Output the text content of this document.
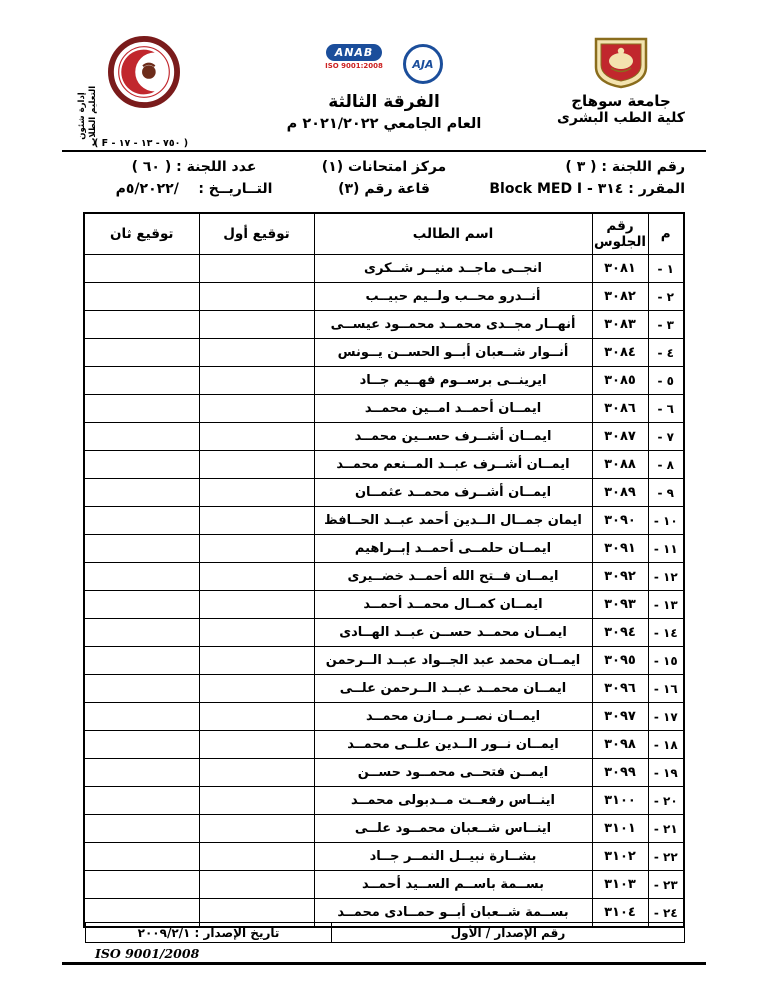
جامعة سوهاج
كلية الطب البشرى
ANAB
ISO 9001:2008	AJA
الفرقة الثالثة
العام الجامعي ٢٠٢١/٢٠٢٢ م
إدارة شئون التعليم الطلاب
( F - ٧٥٠ - ١٣ - ١٧ )
رقم اللجنة : ( ٣ )
المقرر : ٣١٤ - Block MED I
مركز امتحانات (١)
قاعة رقم (٣)
عدد اللجنة : ( ٦٠ )
التــاريــخ :    /٥/٢٠٢٢م
م	رقم الجلوس	اسم الطالب	توقيع أول	توقيع ثان
١ -	٣٠٨١	انجــى ماجــد منيــر شــكرى		
٢ -	٣٠٨٢	أنــدرو محــب ولــيم حبيــب		
٣ -	٣٠٨٣	أنهــار مجــدى محمــد محمــود عيســى		
٤ -	٣٠٨٤	أنــوار شــعبان أبــو الحســن يــونس		
٥ -	٣٠٨٥	ايرينــى برســوم فهــيم جــاد		
٦ -	٣٠٨٦	ايمــان أحمــد امــين محمــد		
٧ -	٣٠٨٧	ايمــان أشــرف حســين محمــد		
٨ -	٣٠٨٨	ايمــان أشــرف عبــد المــنعم محمــد		
٩ -	٣٠٨٩	ايمــان أشــرف محمــد عثمــان		
١٠ -	٣٠٩٠	ايمان جمــال الــدين أحمد عبــد الحــافظ		
١١ -	٣٠٩١	ايمــان حلمــى أحمــد إبــراهيم		
١٢ -	٣٠٩٢	ايمــان فــتح الله أحمــد خضــيرى		
١٣ -	٣٠٩٣	ايمــان كمــال محمــد أحمــد		
١٤ -	٣٠٩٤	ايمــان محمــد حســن عبــد الهــادى		
١٥ -	٣٠٩٥	ايمــان محمد عبد الجــواد عبــد الــرحمن		
١٦ -	٣٠٩٦	ايمــان محمــد عبــد الــرحمن علــى		
١٧ -	٣٠٩٧	ايمــان نصــر مــازن محمــد		
١٨ -	٣٠٩٨	ايمــان نــور الــدين علــى محمــد		
١٩ -	٣٠٩٩	ايمــن فتحــى محمــود حســن		
٢٠ -	٣١٠٠	اينــاس رفعــت مــدبولى محمــد		
٢١ -	٣١٠١	اينــاس شــعبان محمــود علــى		
٢٢ -	٣١٠٢	بشــارة نبيــل النمــر جــاد		
٢٣ -	٣١٠٣	بســمة باســم الســيد أحمــد		
٢٤ -	٣١٠٤	بســمة شــعبان أبــو حمــادى محمــد		
رقم الإصدار / الأول
تاريخ الإصدار : ٢٠٠٩/٢/١
ISO 9001/2008
